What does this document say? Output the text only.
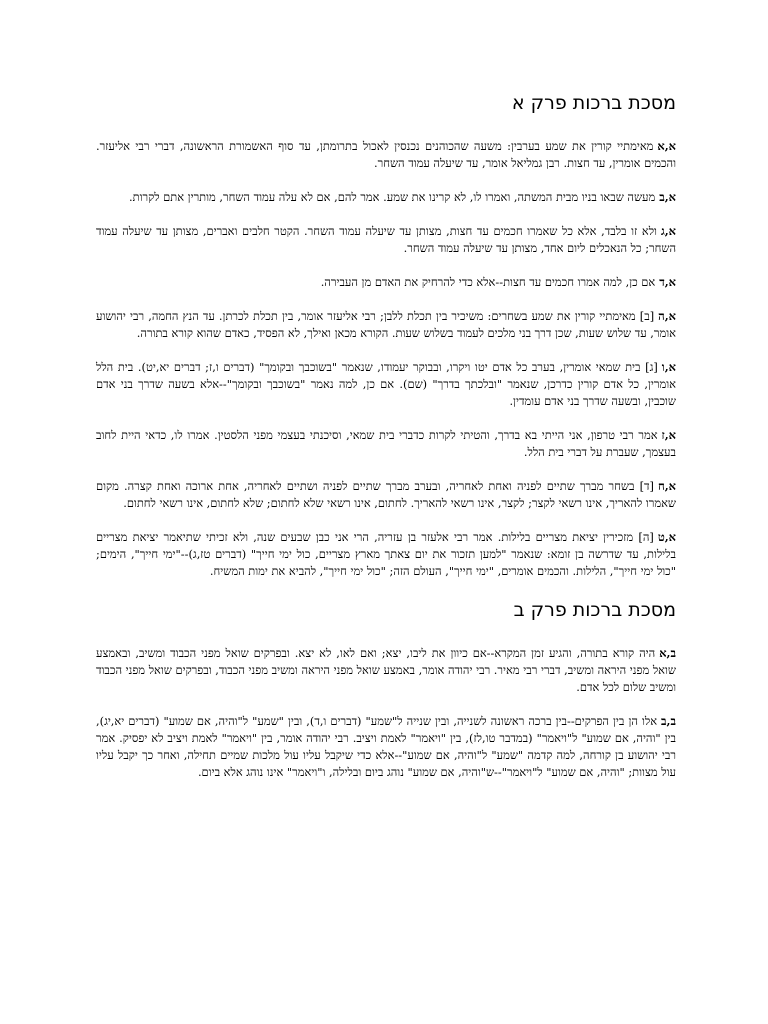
מסכת ברכות פרק א

א,אמאימתיי קורין את שמע בערבין: משעה שהכוהנים נכנסין לאכול בתרומתן, עד סוף האשמורת הראשונה, דברי רבי אליעזר. והכמים אומרין, עד חצות. רבן גמליאל אומר, עד שיעלה עמוד השחר.

א,במעשה שבאו בניו מבית המשתה, ואמרו לו, לא קרינו את שמע. אמר להם, אם לא עלה עמוד השחר, מותרין אתם לקרות.

א,גולא זו בלבד, אלא כל שאמרו חכמים עד חצות, מצותן עד שיעלה עמוד השחר. הקטר חלבים ואברים, מצותן עד שיעלה עמוד השחר; כל הנאכלים ליום אחד, מצותן עד שיעלה עמוד השחר.

א,דאם כן, למה אמרו חכמים עד חצות--אלא כדי להרחיק את האדם מן העבירה.

א,ה[ב] מאימתיי קורין את שמע בשחרים: משיכיר בין תכלת ללבן; רבי אליעזר אומר, בין תכלת לכרתן. עד הנץ החמה, רבי יהושוע אומר, עד שלוש שעות, שכן דרך בני מלכים לעמוד בשלוש שעות. הקורא מכאן ואילך, לא הפסיד, כאדם שהוא קורא בתורה.

א,ו[ג] בית שמאי אומרין, בערב כל אדם יטו ויקרו, ובבוקר יעמודו, שנאמר "בשוכבך ובקומך" (דברים ו,ז; דברים יא,יט). בית הלל אומרין, כל אדם קורין כדרכן, שנאמר "ובלכתך בדרך" (שם). אם כן, למה נאמר "בשוכבך ובקומך"--אלא בשעה שדרך בני אדם שוכבין, ובשעה שדרך בני אדם עומדין.

א,זאמר רבי טרפון, אני הייתי בא בדרך, והטיתי לקרות כדברי בית שמאי, וסיכנתי בעצמי מפני הלסטין. אמרו לו, כדאי היית לחוב בעצמך, שעברת על דברי בית הלל.

א,ח[ד] בשחר מברך שתיים לפניה ואחת לאחריה, ובערב מברך שתיים לפניה ושתיים לאחריה, אחת ארוכה ואחת קצרה. מקום שאמרו להאריך, אינו רשאי לקצר; לקצר, אינו רשאי להאריך. לחתום, אינו רשאי שלא לחתום; שלא לחתום, אינו רשאי לחתום.

א,ט[ה] מזכירין יציאת מצריים בלילות. אמר רבי אלעזר בן עזריה, הרי אני כבן שבעים שנה, ולא זכיתי שתיאמר יציאת מצריים בלילות, עד שדרשה בן זומא: שנאמר "למען תזכור את יום צאתך מארץ מצריים, כול ימי חייך" (דברים טז,ג)--"ימי חייך", הימים; "כול ימי חייך", הלילות. והכמים אומרים, "ימי חייך", העולם הזה; "כול ימי חייך", להביא את ימות המשיח.

מסכת ברכות פרק ב

ב,אהיה קורא בתורה, והגיע זמן המקרא--אם כיוון את ליבו, יצא; ואם לאו, לא יצא. ובפרקים שואל מפני הכבוד ומשיב, ובאמצע שואל מפני היראה ומשיב, דברי רבי מאיר. רבי יהודה אומר, באמצע שואל מפני היראה ומשיב מפני הכבוד, ובפרקים שואל מפני הכבוד ומשיב שלום לכל אדם.

ב,באלו הן בין הפרקים--בין ברכה ראשונה לשנייה, ובין שנייה ל"שמע" (דברים ו,ד), ובין "שמע" ל"והיה, אם שמוע" (דברים יא,יג), בין "והיה, אם שמוע" ל"ויאמר" (במדבר טו,לז), בין "ויאמר" לאמת ויציב. רבי יהודה אומר, בין "ויאמר" לאמת ויציב לא יפסיק. אמר רבי יהושוע בן קורחה, למה קדמה "שמע" ל"והיה, אם שמוע"--אלא כדי שיקבל עליו עול מלכות שמיים תחילה, ואחר כך יקבל עליו עול מצוות; "והיה, אם שמוע" ל"ויאמר"--ש"והיה, אם שמוע" נוהג ביום ובלילה, ו"ויאמר" אינו נוהג אלא ביום.
